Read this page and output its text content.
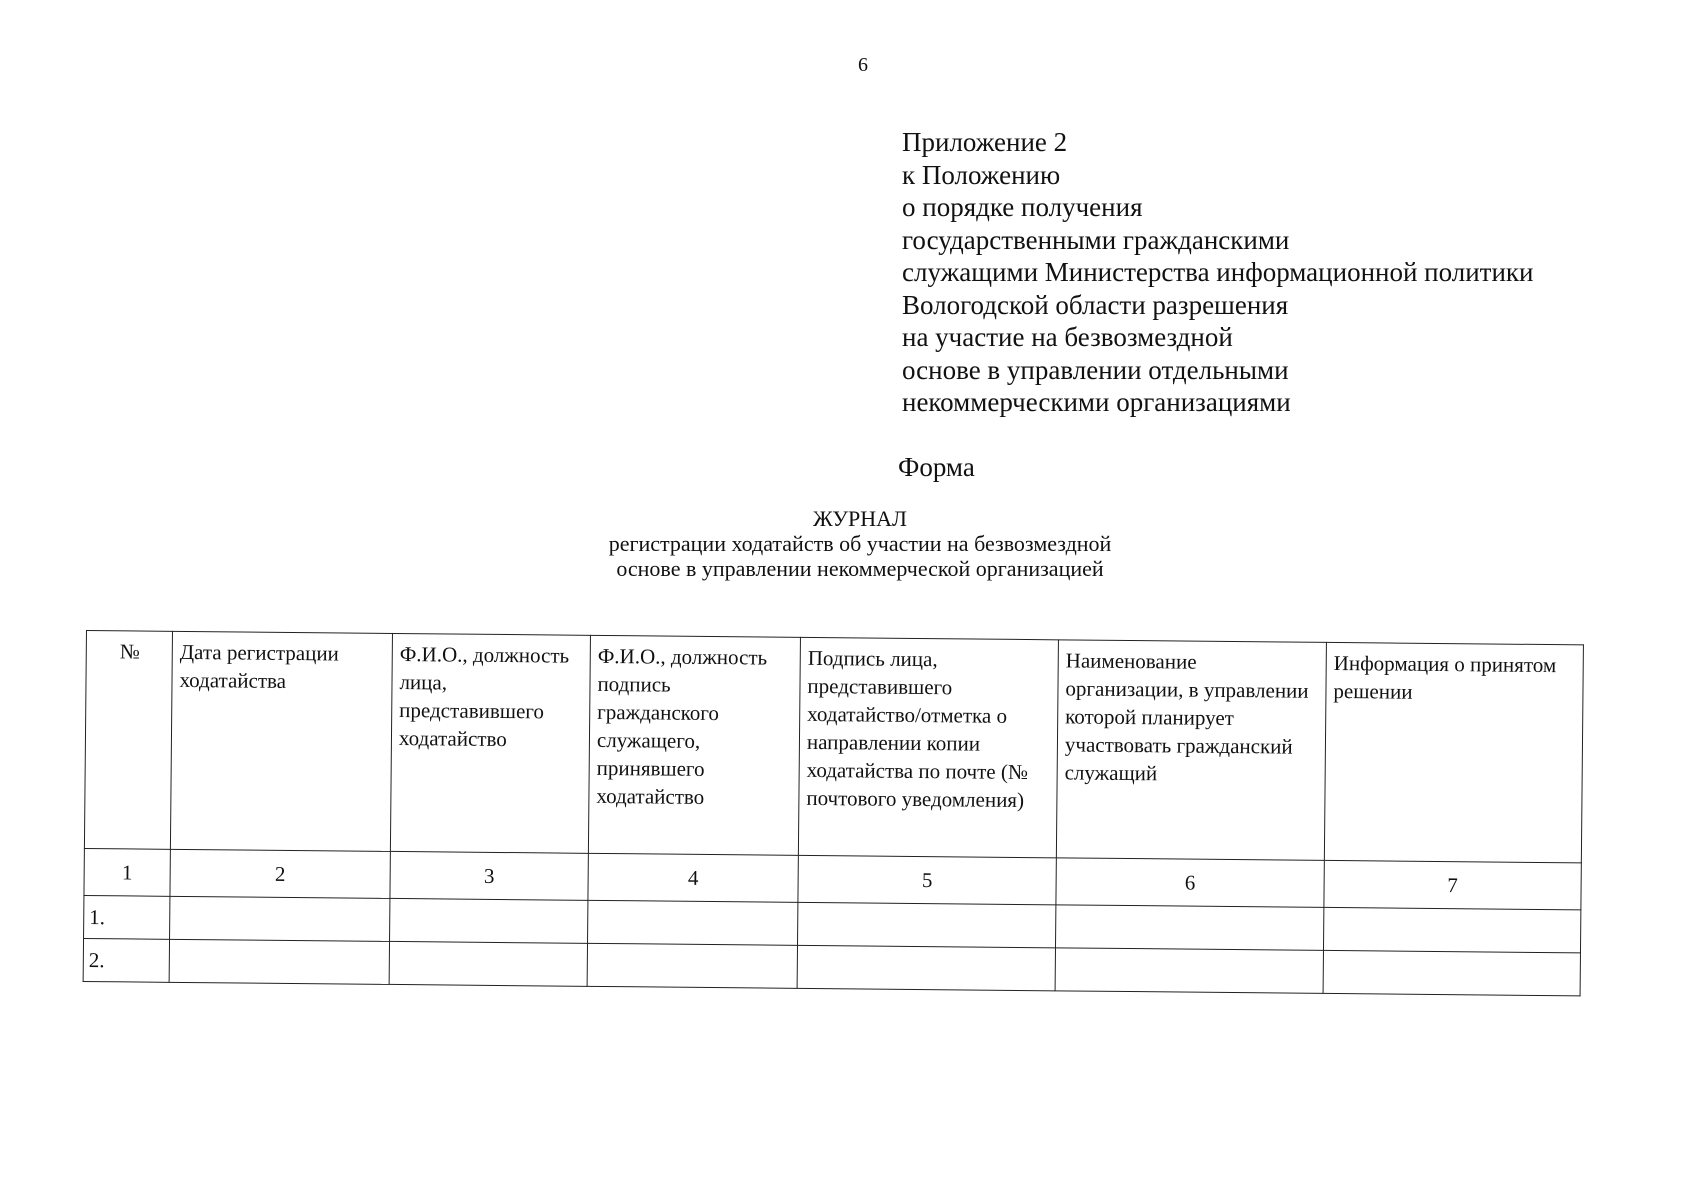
6
Приложение 2
к Положению
о порядке получения
государственными гражданскими
служащими Министерства информационной политики
Вологодской области разрешения
на участие на безвозмездной
основе в управлении отдельными
некоммерческими организациями
Форма
ЖУРНАЛ
регистрации ходатайств об участии на безвозмездной
основе в управлении некоммерческой организацией
№	Дата регистрации ходатайства	Ф.И.О., должность лица, представившего ходатайство	Ф.И.О., должность подпись гражданского служащего, принявшего ходатайство	Подпись лица, представившего ходатайство/отметка о направлении копии ходатайства по почте (№ почтового уведомления)	Наименование организации, в управлении которой планирует участвовать гражданский служащий	Информация о принятом решении
1	2	3	4	5	6	7
1.						
2.						
